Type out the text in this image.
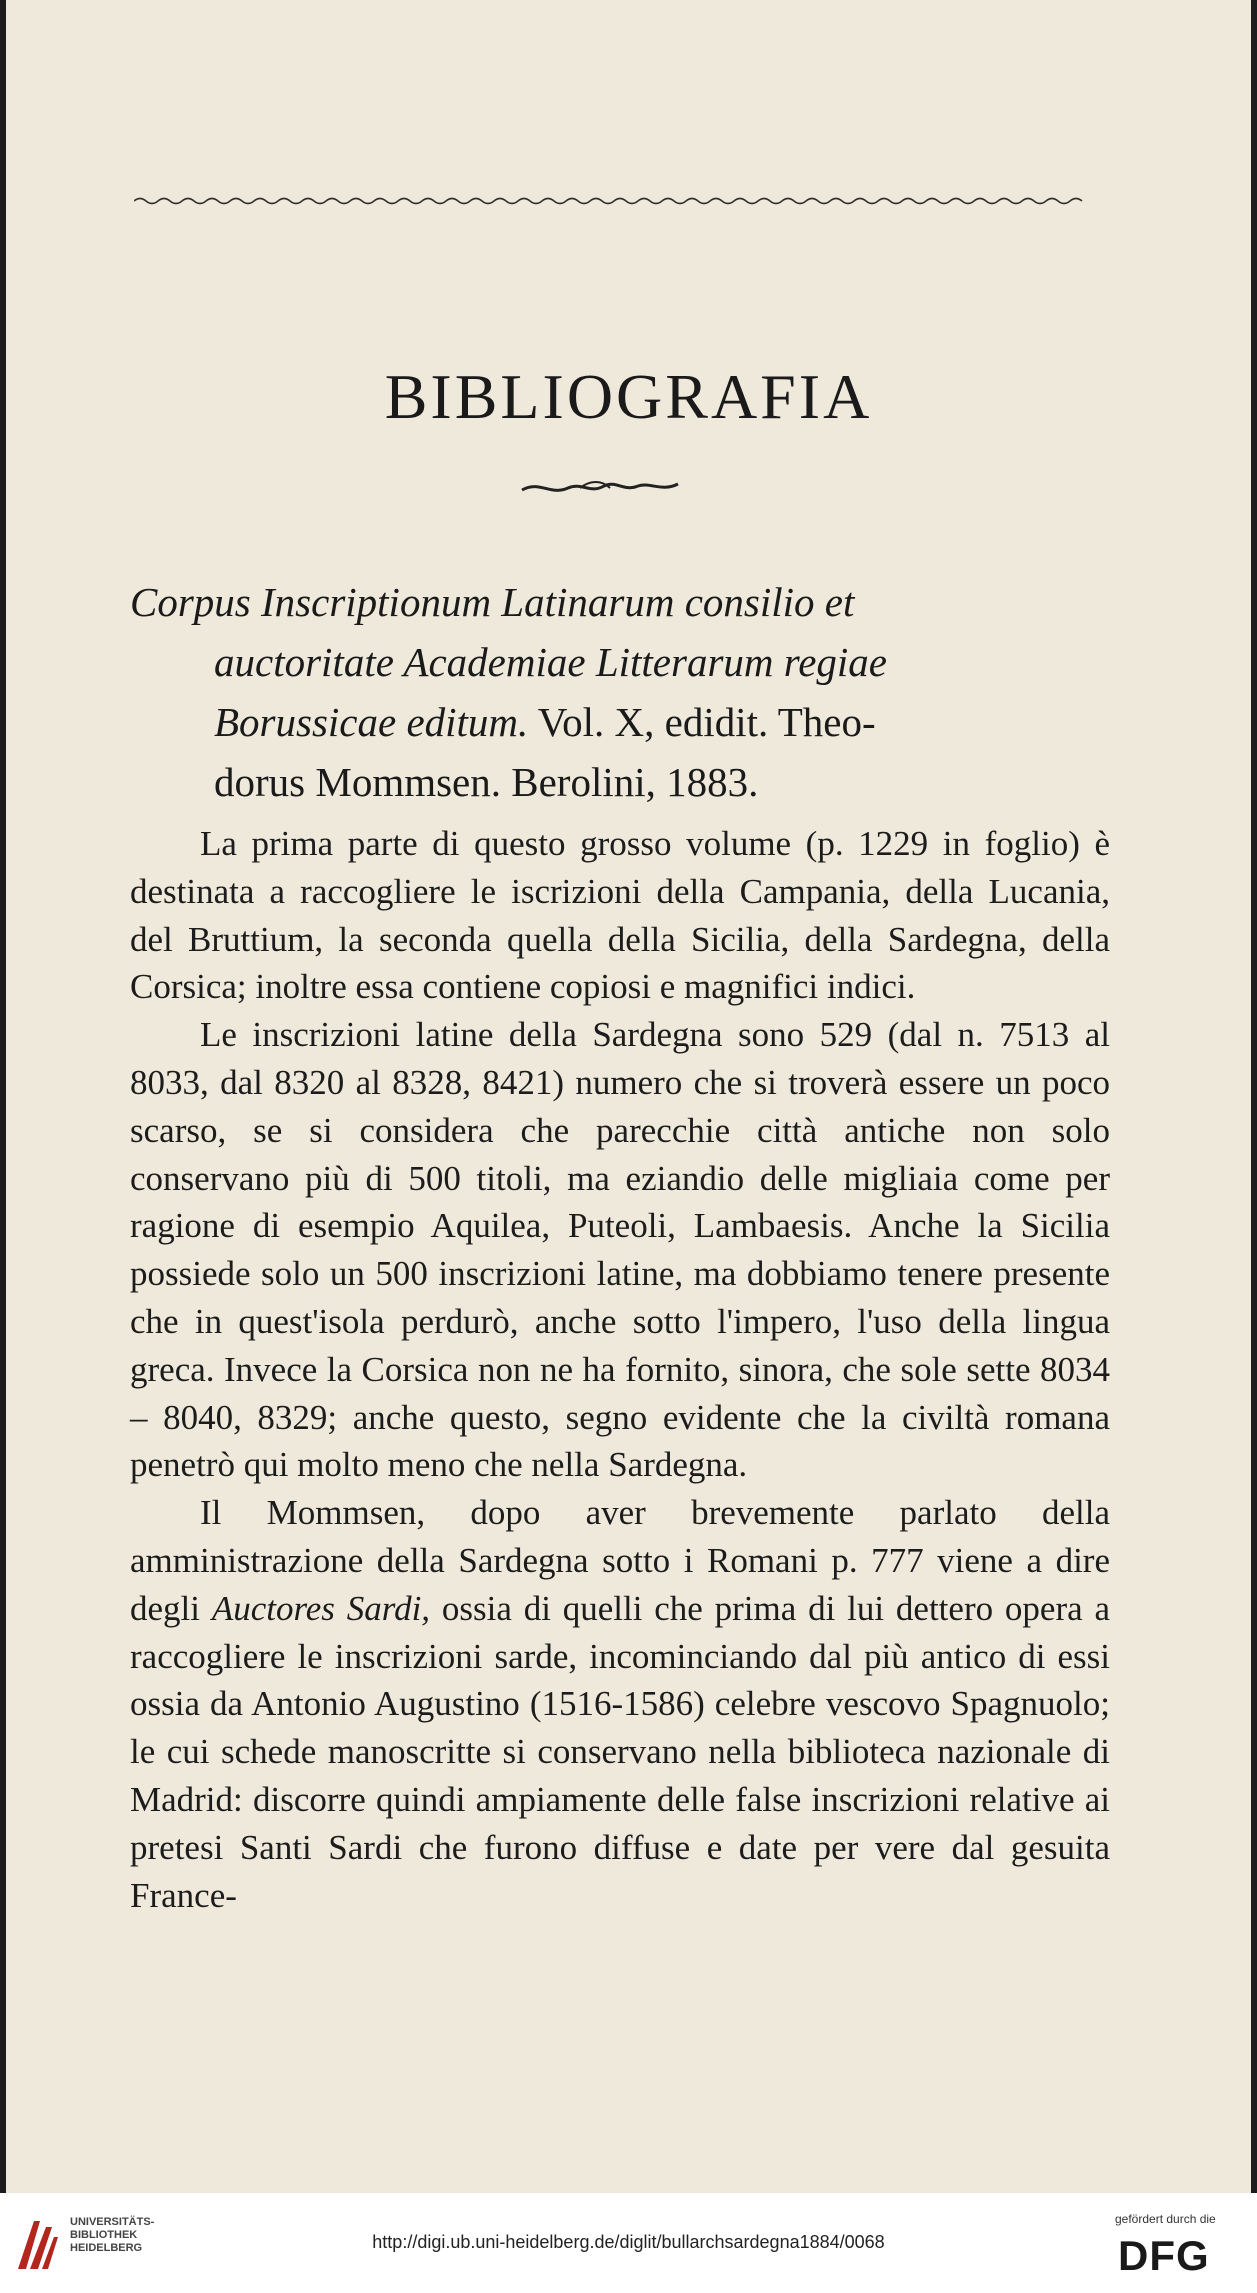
BIBLIOGRAFIA
Corpus Inscriptionum Latinarum consilio et
auctoritate Academiae Litterarum regiae
Borussicae editum. Vol. X, edidit. Theo-
dorus Mommsen. Berolini, 1883.

La prima parte di questo grosso volume (p. 1229 in foglio) è destinata a raccogliere le iscrizioni della Campania, della Lucania, del Bruttium, la seconda quella della Sicilia, della Sardegna, della Corsica; inoltre essa contiene copiosi e magnifici indici.

Le inscrizioni latine della Sardegna sono 529 (dal n. 7513 al 8033, dal 8320 al 8328, 8421) numero che si troverà essere un poco scarso, se si considera che parecchie città antiche non solo conservano più di 500 titoli, ma eziandio delle migliaia come per ragione di esempio Aquilea, Puteoli, Lambaesis. Anche la Sicilia possiede solo un 500 inscrizioni latine, ma dobbiamo tenere presente che in quest'isola perdurò, anche sotto l'impero, l'uso della lingua greca. Invece la Corsica non ne ha fornito, sinora, che sole sette 8034 – 8040, 8329; anche questo, segno evidente che la civiltà romana penetrò qui molto meno che nella Sardegna.

Il Mommsen, dopo aver brevemente parlato della amministrazione della Sardegna sotto i Romani p. 777 viene a dire degli Auctores Sardi, ossia di quelli che prima di lui dettero opera a raccogliere le inscrizioni sarde, incominciando dal più antico di essi ossia da Antonio Augustino (1516-1586) celebre vescovo Spagnuolo; le cui schede manoscritte si conservano nella biblioteca nazionale di Madrid: discorre quindi ampiamente delle false inscrizioni relative ai pretesi Santi Sardi che furono diffuse e date per vere dal gesuita France-

UNIVERSITÄTS-
BIBLIOTHEK
HEIDELBERG	http://digi.ub.uni-heidelberg.de/diglit/bullarchsardegna1884/0068
gefördert durch die
DFG
